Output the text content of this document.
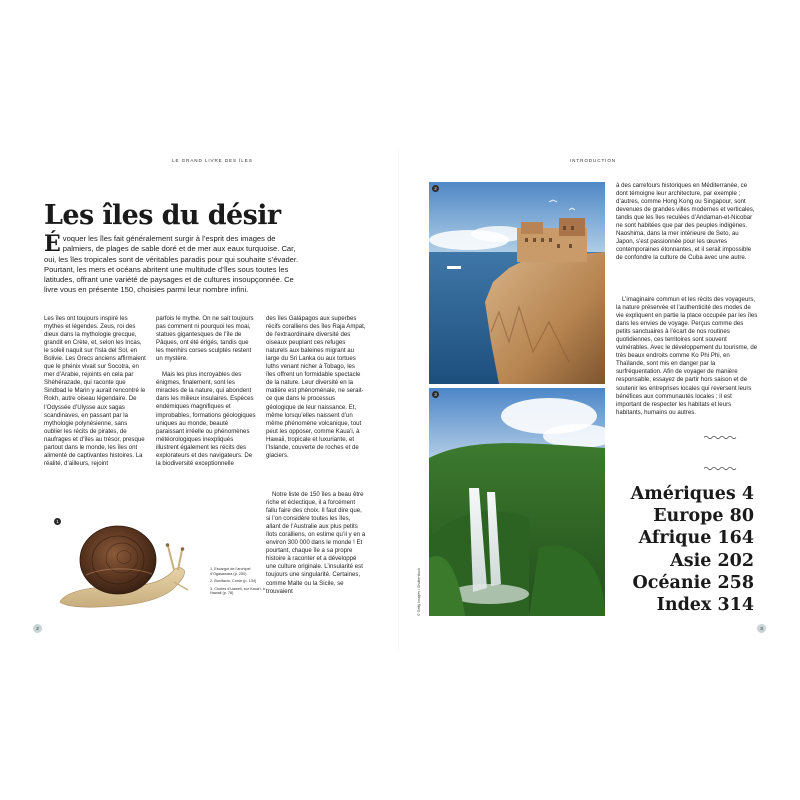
LE GRAND LIVRE DES ÎLES	INTRODUCTION
Les îles du désir

Évoquer les îles fait généralement surgir à l’esprit des images de palmiers, de plages de sable doré et de mer aux eaux turquoise. Car, oui, les îles tropicales sont de véritables paradis pour qui souhaite s’évader. Pourtant, les mers et océans abritent une multitude d’îles sous toutes les latitudes, offrant une variété de paysages et de cultures insoupçonnée. Ce livre vous en présente 150, choisies parmi leur nombre infini.

Les îles ont toujours inspiré les mythes et légendes. Zeus, roi des dieux dans la mythologie grecque, grandit en Crète, et, selon les Incas, le soleil naquit sur l’Isla del Sol, en Bolivie. Les Grecs anciens affirmaient que le phénix vivait sur Socotra, en mer d’Arabie, rejoints en cela par Shéhérazade, qui raconte que Sindbad le Marin y aurait rencontré le Rokh, autre oiseau légendaire. De l’Odyssée d’Ulysse aux sagas scandinaves, en passant par la mythologie polynésienne, sans oublier les récits de pirates, de naufrages et d’îles au trésor, presque partout dans le monde, les îles ont alimenté de captivantes histoires. La réalité, d’ailleurs, rejoint

parfois le mythe. On ne sait toujours pas comment ni pourquoi les moai, statues gigantesques de l’île de Pâques, ont été érigés, tandis que les menhirs corses sculptés restent un mystère.

Mais les plus incroyables des énigmes, finalement, sont les miracles de la nature, qui abondent dans les milieux insulaires. Espèces endémiques magnifiques et improbables, formations géologiques uniques au monde, beauté paraissant irréelle ou phénomènes météorologiques inexpliqués illustrent également les récits des explorateurs et des navigateurs. De la biodiversité exceptionnelle

des îles Galápagos aux superbes récifs coralliens des îles Raja Ampat, de l’extraordinaire diversité des oiseaux peuplant ces refuges naturels aux baleines migrant au large du Sri Lanka ou aux tortues luths venant nicher à Tobago, les îles offrent un formidable spectacle de la nature. Leur diversité en la matière est phénoménale, ne serait-ce que dans le processus géologique de leur naissance. Et, même lorsqu’elles naissent d’un même phénomène volcanique, tout peut les opposer, comme Kaua’i, à Hawaii, tropicale et luxuriante, et l’Islande, couverte de roches et de glaciers.

Notre liste de 150 îles a beau être riche et éclectique, il a forcément fallu faire des choix. Il faut dire que, si l’on considère toutes les îles, allant de l’Australie aux plus petits îlots coralliens, on estime qu’il y en a environ 300 000 dans le monde ! Et pourtant, chaque île a sa propre histoire à raconter et a développé une culture originale. L’insularité est toujours une singularité. Certaines, comme Malte ou la Sicile, se trouvaient

à des carrefours historiques en Méditerranée, ce dont témoigne leur architecture, par exemple ; d’autres, comme Hong Kong ou Singapour, sont devenues de grandes villes modernes et verticales, tandis que les îles reculées d’Andaman-et-Nicobar ne sont habitées que par des peuples indigènes. Naoshima, dans la mer intérieure de Seto, au Japon, s’est passionnée pour les œuvres contemporaines étonnantes, et il serait impossible de confondre la culture de Cuba avec une autre.

L’imaginaire commun et les récits des voyageurs, la nature préservée et l’authenticité des modes de vie expliquent en partie la place occupée par les îles dans les envies de voyage. Perçus comme des petits sanctuaires à l’écart de nos routines quotidiennes, ces territoires sont souvent vulnérables. Avec le développement du tourisme, de très beaux endroits comme Ko Phi Phi, en Thaïlande, sont mis en danger par la surfréquentation. Afin de voyager de manière responsable, essayez de partir hors saison et de soutenir les entreprises locales qui reversent leurs bénéfices aux communautés locales ; il est important de respecter les habitats et leurs habitants, humains ou autres.

1
1. Escargot de l’archipel d’Ogasawara (p. 250)
2. Bonifacio, Corse (p. 134)
3. Chutes d’Uaweli, sur Kaua’i, à Hawaii (p. 78)
2
3
© Getty Images / Shutterstock
Amériques 4
Europe 80
Afrique 164
Asie 202
Océanie 258
Index 314
2	3
